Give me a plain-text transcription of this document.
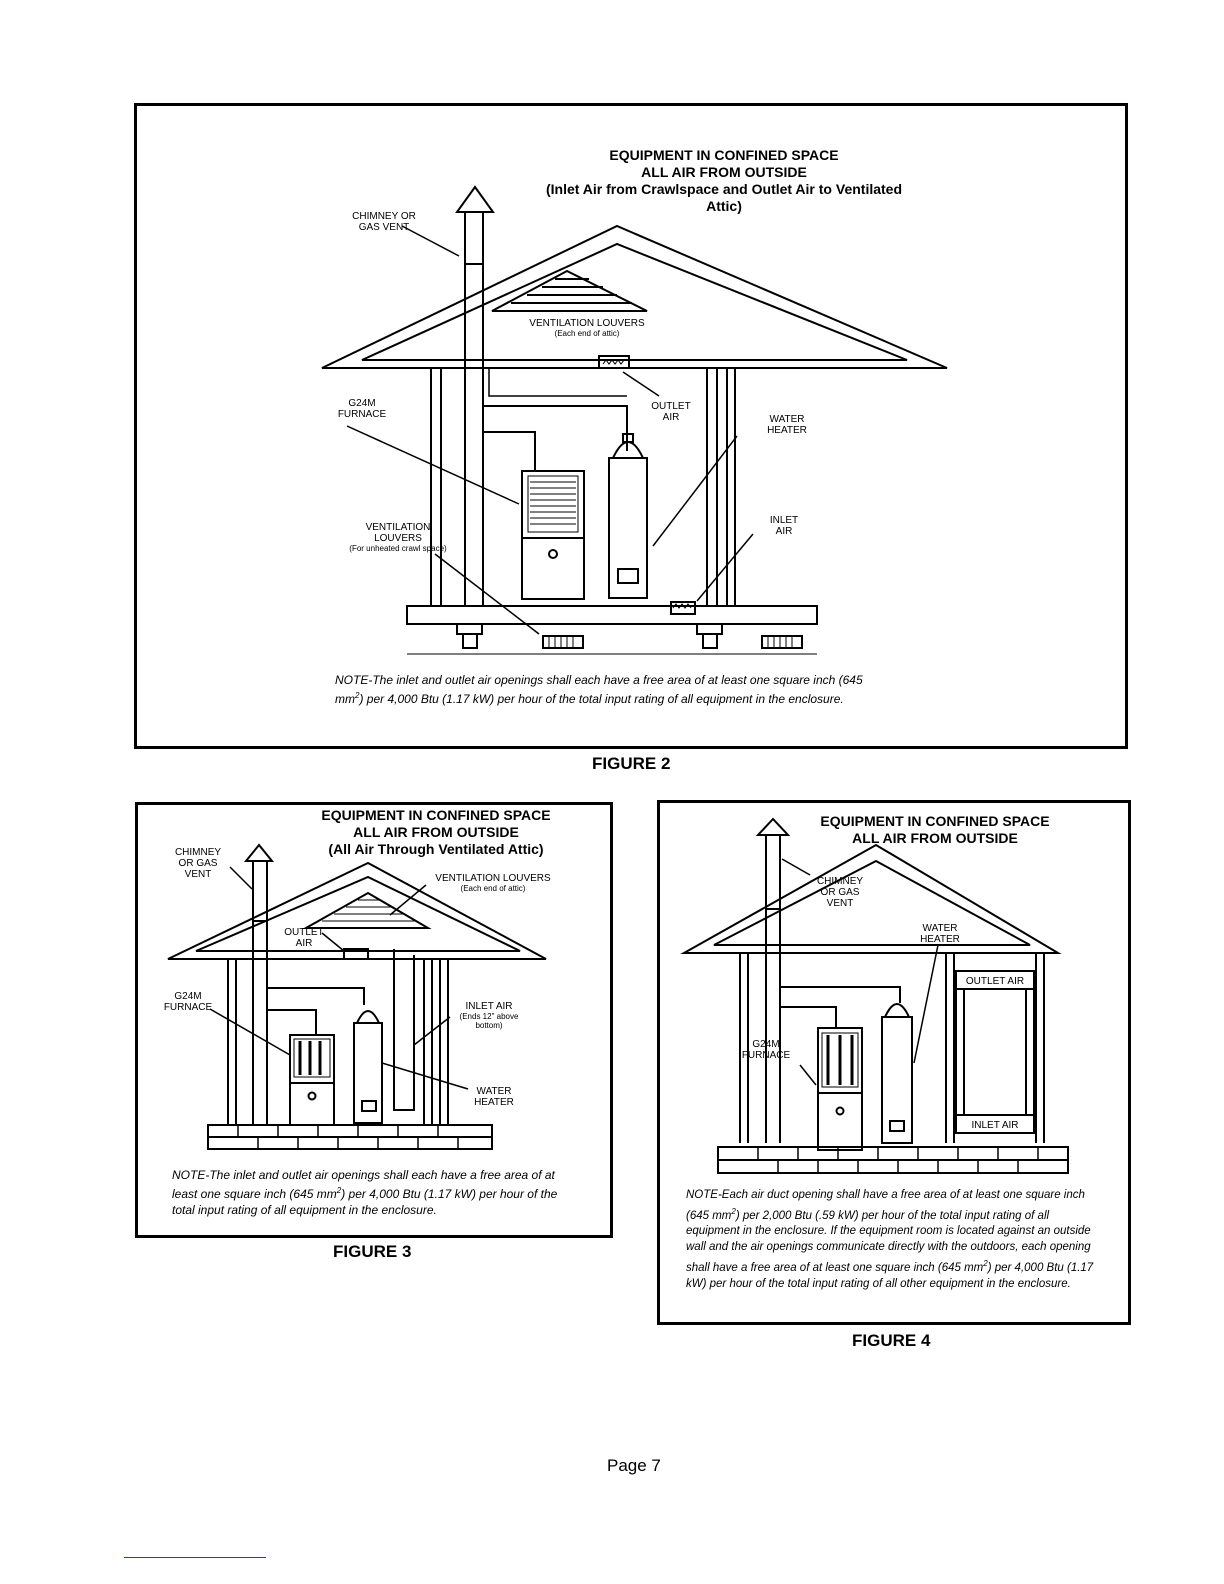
EQUIPMENT IN CONFINED SPACE
ALL AIR FROM OUTSIDE
(Inlet Air from Crawlspace and Outlet Air to Ventilated
Attic)
CHIMNEY OR
GAS VENT
VENTILATION LOUVERS
(Each end of attic)
G24M
FURNACE
OUTLET
AIR	WATER
HEATER
INLET
AIR
VENTILATION
LOUVERS
(For unheated crawl space)
NOTE-The inlet and outlet air openings shall each have a free area of at least one square inch (645 $mm^2$) per 4,000 Btu (1.17 kW) per hour of the total input rating of all equipment in the enclosure.
FIGURE 2
EQUIPMENT IN CONFINED SPACE
ALL AIR FROM OUTSIDE
(All Air Through Ventilated Attic)
CHIMNEY
OR GAS
VENT	VENTILATION LOUVERS
(Each end of attic)
OUTLET
AIR
G24M
FURNACE	INLET AIR
(Ends 12" above
bottom)
WATER
HEATER
NOTE-The inlet and outlet air openings shall each have a free area of at least one square inch (645 $mm^2$) per 4,000 Btu (1.17 kW) per hour of the total input rating of all equipment in the enclosure.
FIGURE 3
EQUIPMENT IN CONFINED SPACE
ALL AIR FROM OUTSIDE
CHIMNEY
OR GAS
VENT
WATER
HEATER
OUTLET AIR
G24M
FURNACE
INLET AIR
NOTE-Each air duct opening shall have a free area of at least one square inch (645 $mm^2$) per 2,000 Btu (.59 kW) per hour of the total input rating of all equipment in the enclosure. If the equipment room is located against an outside wall and the air openings communicate directly with the outdoors, each opening shall have a free area of at least one square inch (645 $mm^2$) per 4,000 Btu (1.17 kW) per hour of the total input rating of all other equipment in the enclosure.
FIGURE 4
Page 7
